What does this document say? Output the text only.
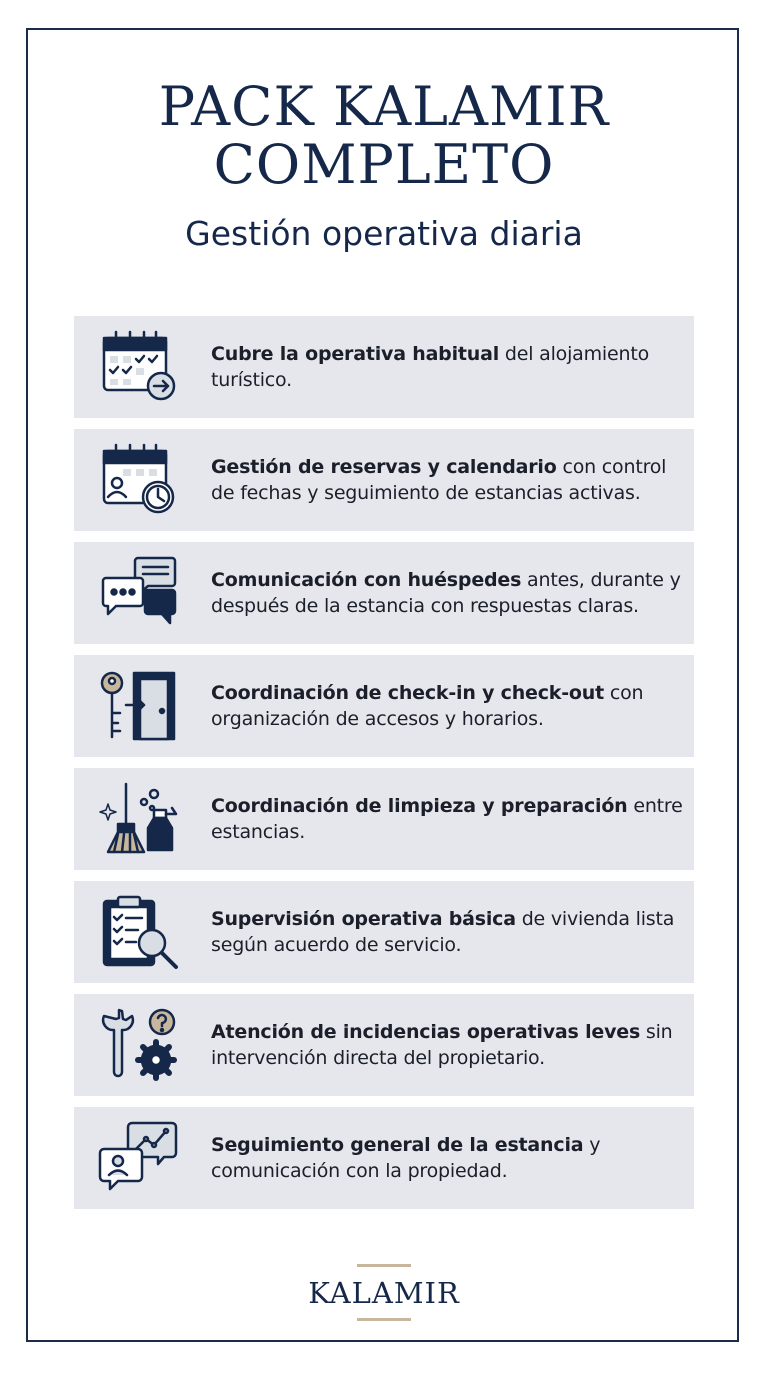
PACK KALAMIR
COMPLETO
Gestión operativa diaria
Cubre la operativa habitual del alojamiento turístico.
Gestión de reservas y calendario con control de fechas y seguimiento de estancias activas.
Comunicación con huéspedes antes, durante y después de la estancia con respuestas claras.
Coordinación de check-in y check-out con organización de accesos y horarios.
Coordinación de limpieza y preparación entre estancias.
Supervisión operativa básica de vivienda lista según acuerdo de servicio.
Atención de incidencias operativas leves sin intervención directa del propietario.
Seguimiento general de la estancia y comunicación con la propiedad.
KALAMIR
